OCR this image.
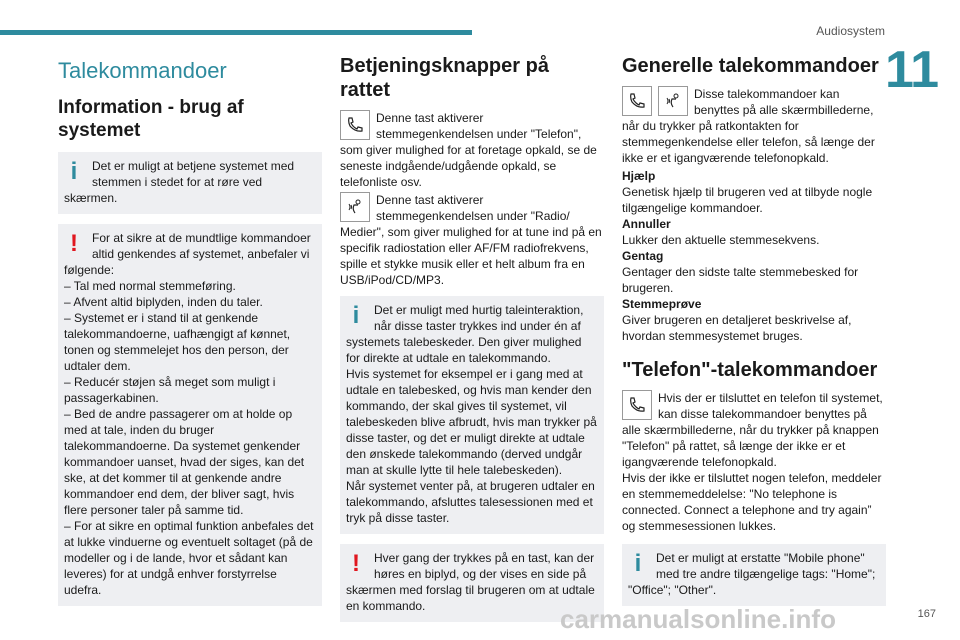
Audiosystem
11
Talekommandoer
Information - brug af systemet
i	Det er muligt at betjene systemet med stemmen i stedet for at røre ved skærmen.
!	For at sikre at de mundtlige kommandoer altid genkendes af systemet, anbefaler vi følgende:
– Tal med normal stemmeføring.
– Afvent altid biplyden, inden du taler.
– Systemet er i stand til at genkende talekommandoerne, uafhængigt af kønnet, tonen og stemmelejet hos den person, der udtaler dem.
– Reducér støjen så meget som muligt i passagerkabinen.
– Bed de andre passagerer om at holde op med at tale, inden du bruger talekommandoerne. Da systemet genkender kommandoer uanset, hvad der siges, kan det ske, at det kommer til at genkende andre kommandoer end dem, der bliver sagt, hvis flere personer taler på samme tid.
– For at sikre en optimal funktion anbefales det at lukke vinduerne og eventuelt soltaget (på de modeller og i de lande, hvor et sådant kan leveres) for at undgå enhver forstyrrelse udefra.
Betjeningsknapper på rattet

Denne tast aktiverer stemmegenkendelsen under "Telefon", som giver mulighed for at foretage opkald, se de seneste indgående/udgående opkald, se telefonliste osv.

Denne tast aktiverer stemmegenkendelsen under "Radio/ Medier", som giver mulighed for at tune ind på en specifik radiostation eller AF/FM radiofrekvens, spille et stykke musik eller et helt album fra en USB/iPod/CD/MP3.

i	Det er muligt med hurtig taleinteraktion, når disse taster trykkes ind under én af systemets talebeskeder. Den giver mulighed for direkte at udtale en talekommando.
Hvis systemet for eksempel er i gang med at udtale en talebesked, og hvis man kender den kommando, der skal gives til systemet, vil talebeskeden blive afbrudt, hvis man trykker på disse taster, og det er muligt direkte at udtale den ønskede talekommando (derved undgår man at skulle lytte til hele talebeskeden).
Når systemet venter på, at brugeren udtaler en talekommando, afsluttes talesessionen med et tryk på disse taster.
!	Hver gang der trykkes på en tast, kan der høres en biplyd, og der vises en side på skærmen med forslag til brugeren om at udtale en kommando.
Generelle talekommandoer

Disse talekommandoer kan benyttes på alle skærmbillederne, når du trykker på ratkontakten for stemmegenkendelse eller telefon, så længe der ikke er et igangværende telefonopkald.

Hjælp
Genetisk hjælp til brugeren ved at tilbyde nogle tilgængelige kommandoer.

Annuller
Lukker den aktuelle stemmesekvens.

Gentag
Gentager den sidste talte stemmebesked for brugeren.

Stemmeprøve
Giver brugeren en detaljeret beskrivelse af, hvordan stemmesystemet bruges.

"Telefon"-talekommandoer

Hvis der er tilsluttet en telefon til systemet, kan disse talekommandoer benyttes på alle skærmbillederne, når du trykker på knappen "Telefon" på rattet, så længe der ikke er et igangværende telefonopkald.
Hvis der ikke er tilsluttet nogen telefon, meddeler en stemmemeddelelse: "No telephone is connected. Connect a telephone and try again” og stemmesessionen lukkes.

i	Det er muligt at erstatte "Mobile phone" med tre andre tilgængelige tags: "Home"; "Office"; "Other".
carmanualsonline.info	167
